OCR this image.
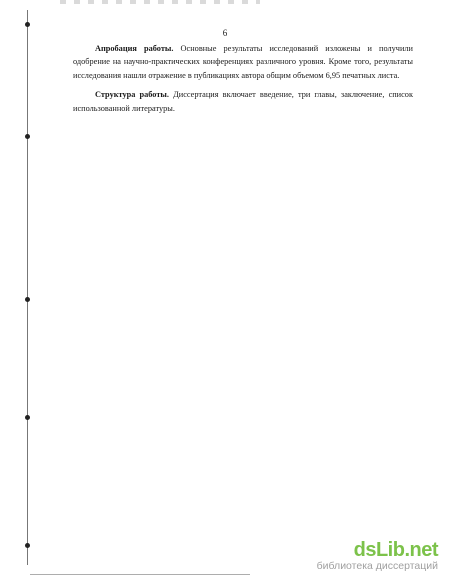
6

Апробация работы. Основные результаты исследований изложены и получили одобрение на научно-практических конференциях различного уровня. Кроме того, результаты исследования нашли отражение в публикациях автора общим объемом 6,95 печатных листа.

Структура работы. Диссертация включает введение, три главы, заключение, список использованной литературы.

dsLib.net
библиотека диссертаций
